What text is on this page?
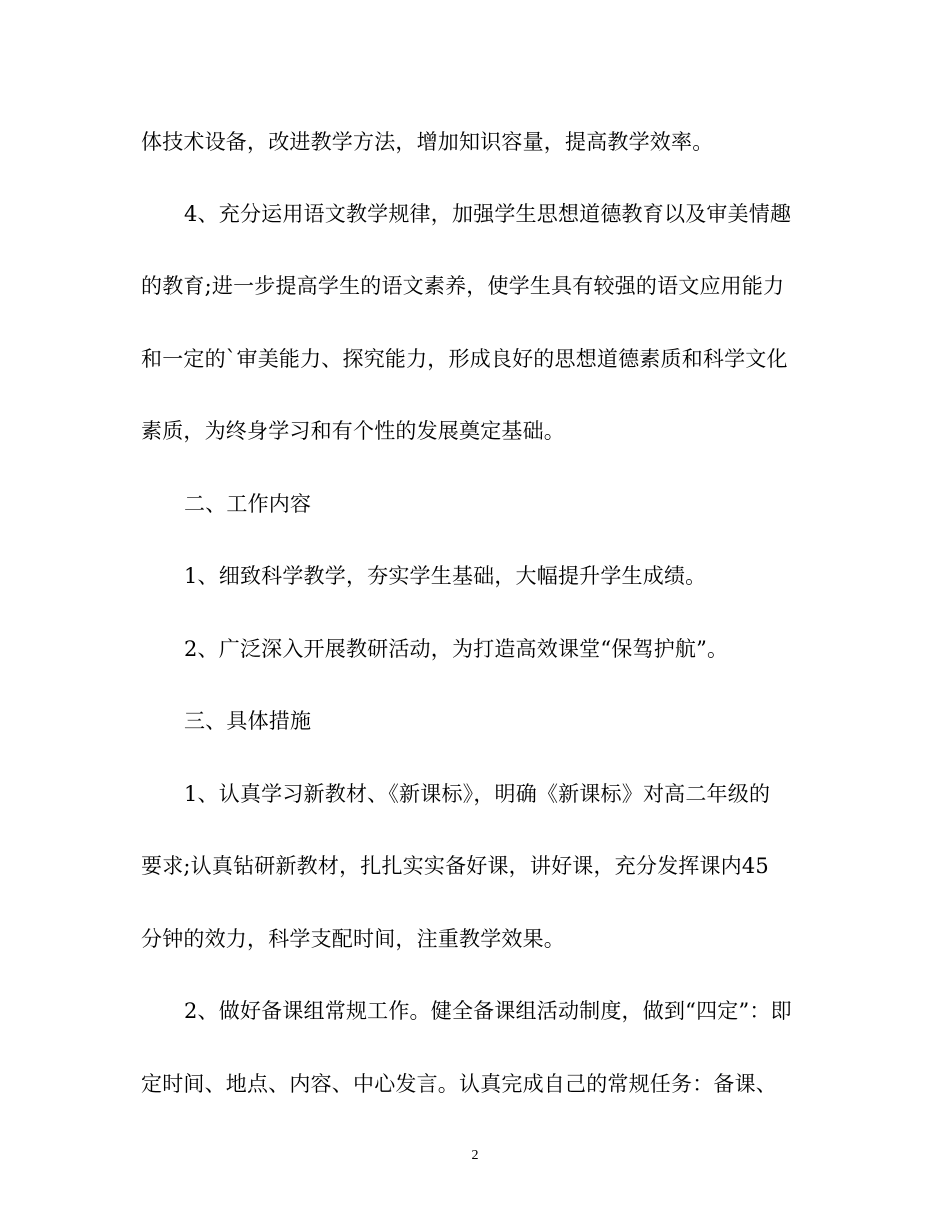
体技术设备，改进教学方法，增加知识容量，提高教学效率。
4、充分运用语文教学规律，加强学生思想道德教育以及审美情趣
的教育;进一步提高学生的语文素养，使学生具有较强的语文应用能力
和一定的`审美能力、探究能力，形成良好的思想道德素质和科学文化
素质，为终身学习和有个性的发展奠定基础。
二、工作内容
1、细致科学教学，夯实学生基础，大幅提升学生成绩。
2、广泛深入开展教研活动，为打造高效课堂“保驾护航”。
三、具体措施
1、认真学习新教材、《新课标》，明确《新课标》对高二年级的
要求;认真钻研新教材，扎扎实实备好课，讲好课，充分发挥课内45
分钟的效力，科学支配时间，注重教学效果。
2、做好备课组常规工作。健全备课组活动制度，做到“四定”：即
定时间、地点、内容、中心发言。认真完成自己的常规任务：备课、
2
